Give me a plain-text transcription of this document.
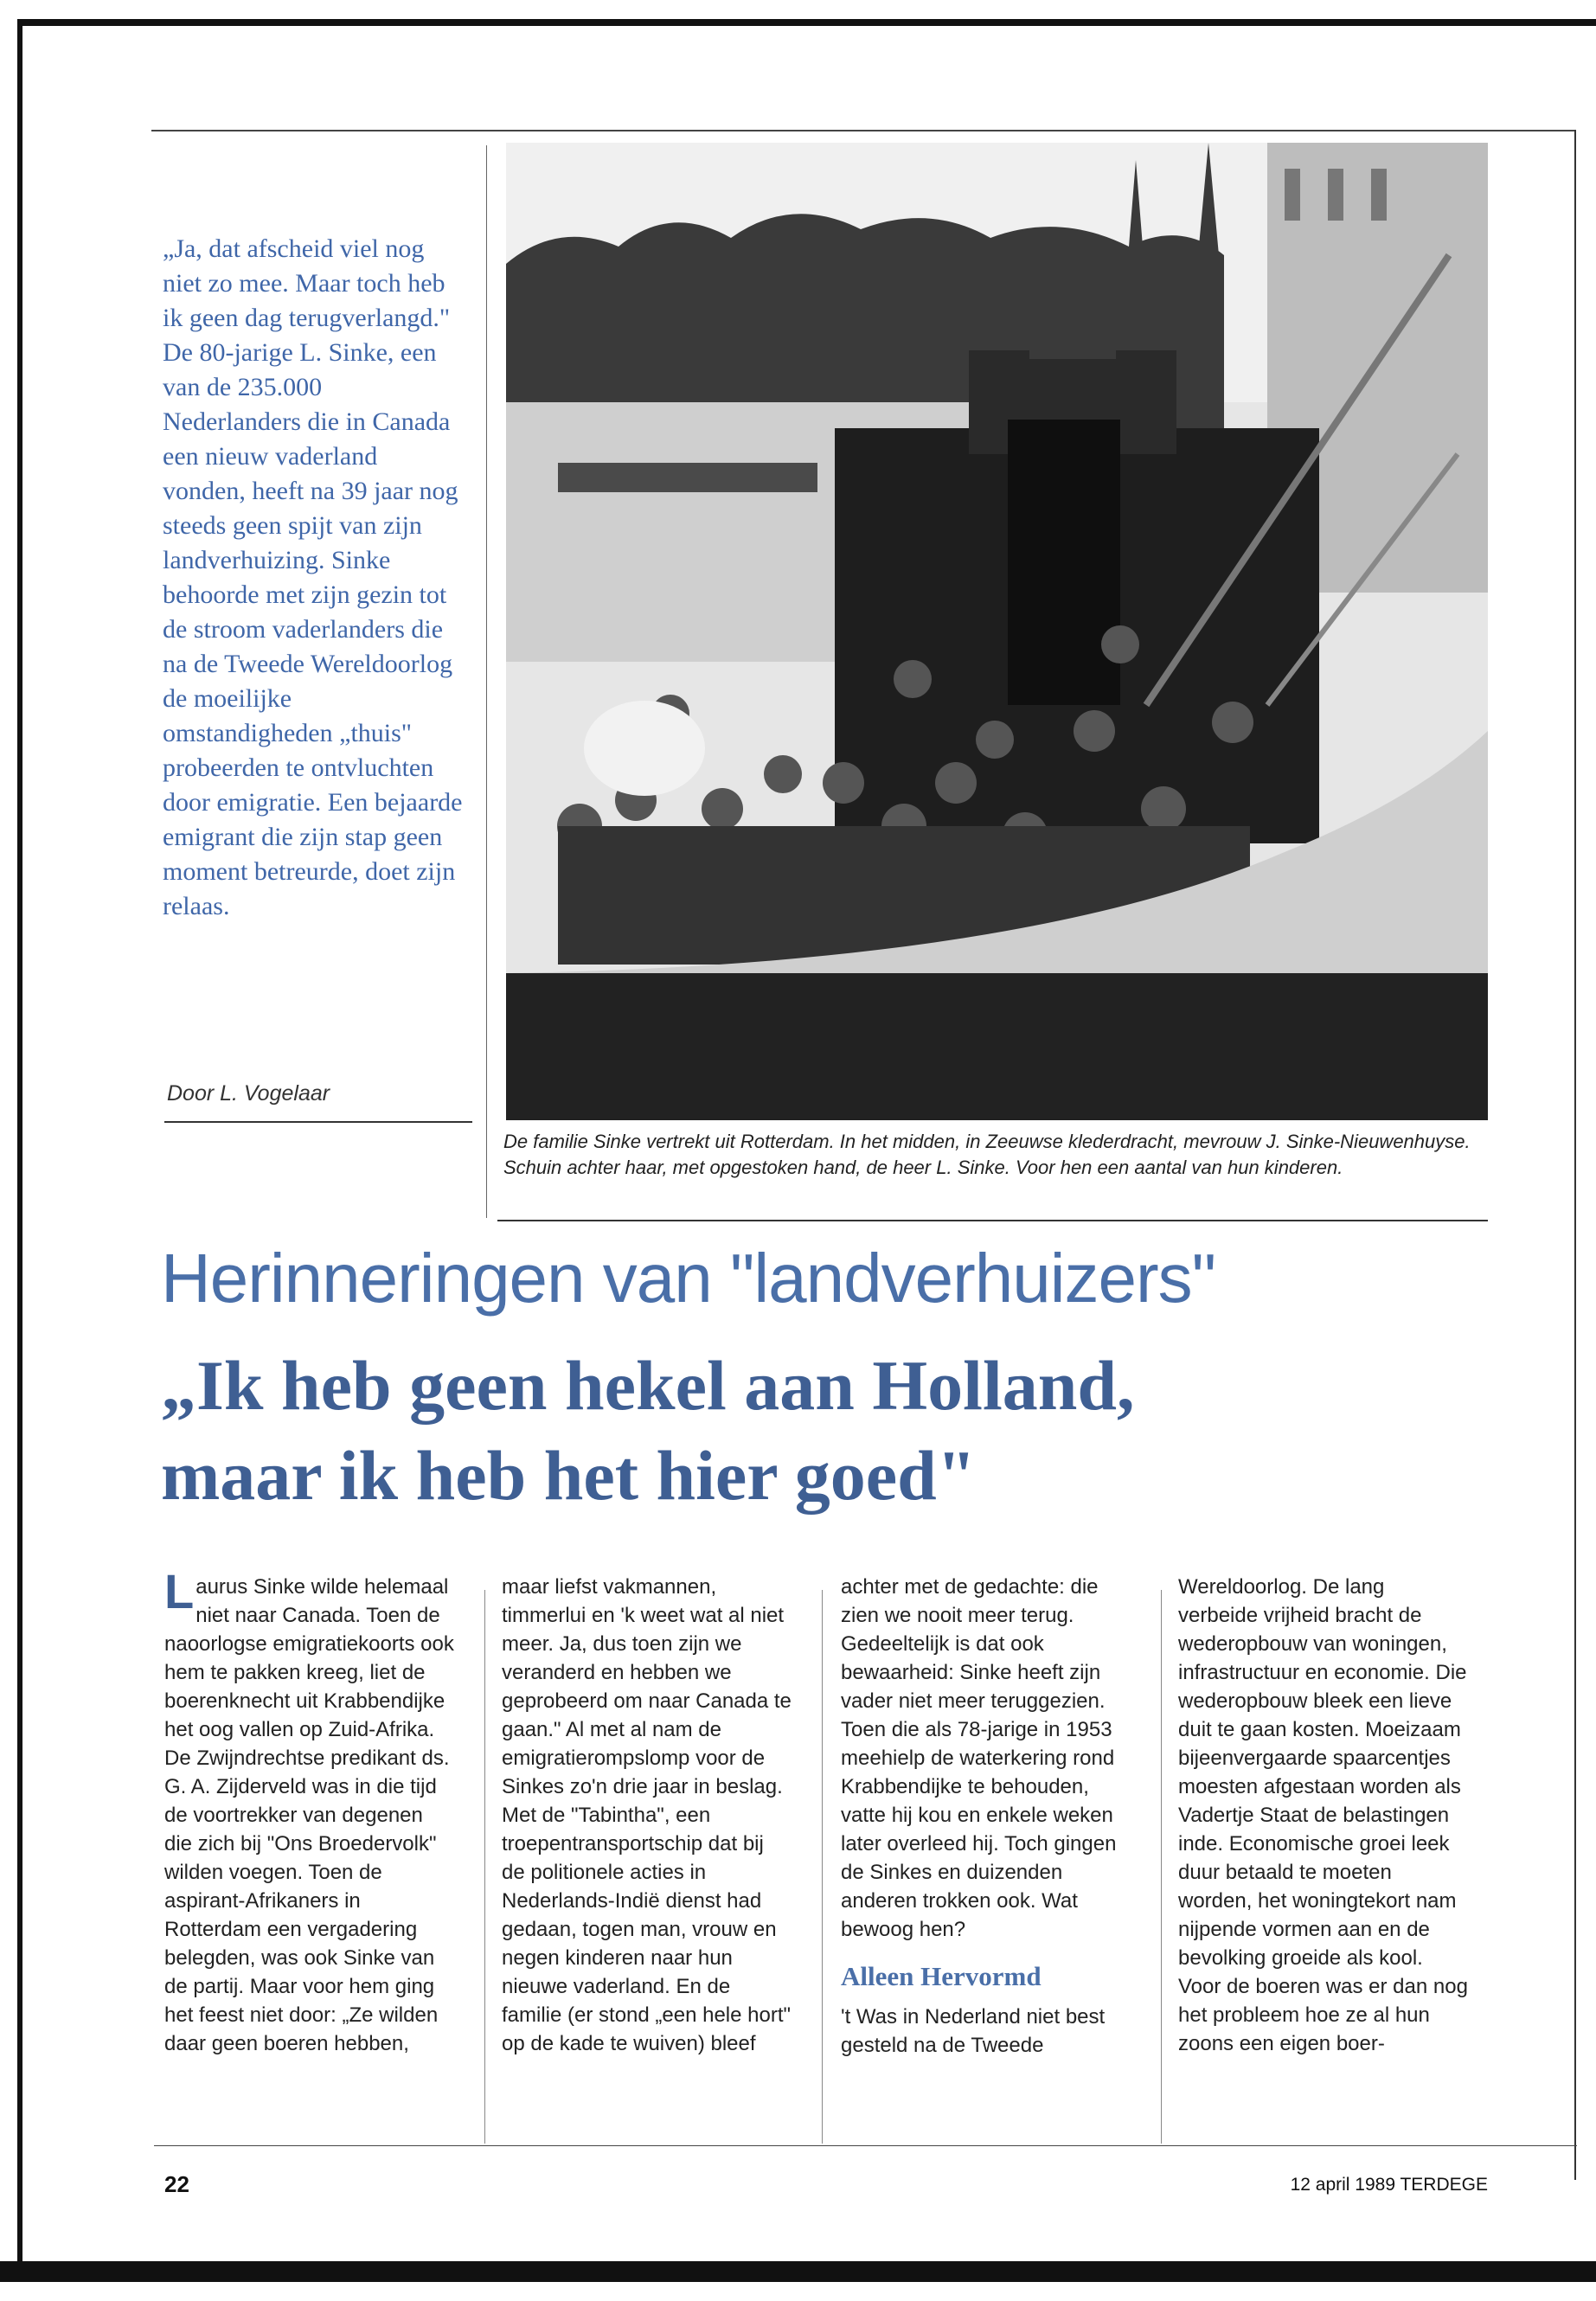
„Ja, dat afscheid viel nog niet zo mee. Maar toch heb ik geen dag terugverlangd." De 80-jarige L. Sinke, een van de 235.000 Nederlanders die in Canada een nieuw vaderland vonden, heeft na 39 jaar nog steeds geen spijt van zijn landverhuizing. Sinke behoorde met zijn gezin tot de stroom vaderlanders die na de Tweede Wereldoorlog de moeilijke omstandigheden „thuis" probeerden te ontvluchten door emigratie. Een bejaarde emigrant die zijn stap geen moment betreurde, doet zijn relaas.
Door L. Vogelaar
De familie Sinke vertrekt uit Rotterdam. In het midden, in Zeeuwse klederdracht, mevrouw J. Sinke-Nieuwenhuyse. Schuin achter haar, met opgestoken hand, de heer L. Sinke. Voor hen een aantal van hun kinderen.
Herinneringen van "landverhuizers"
„Ik heb geen hekel aan Holland,
maar ik heb het hier goed"
Laurus Sinke wilde helemaal niet naar Canada. Toen de naoorlogse emigratiekoorts ook hem te pakken kreeg, liet de boerenknecht uit Krabbendijke het oog vallen op Zuid-Afrika. De Zwijndrechtse predikant ds. G. A. Zijderveld was in die tijd de voortrekker van degenen die zich bij "Ons Broedervolk" wilden voegen. Toen de aspirant-Afrikaners in Rotterdam een vergadering belegden, was ook Sinke van de partij. Maar voor hem ging het feest niet door: „Ze wilden daar geen boeren hebben,
maar liefst vakmannen, timmerlui en 'k weet wat al niet meer. Ja, dus toen zijn we veranderd en hebben we geprobeerd om naar Canada te gaan." Al met al nam de emigratierompslomp voor de Sinkes zo'n drie jaar in beslag. Met de "Tabintha", een troepentransportschip dat bij de politionele acties in Nederlands-Indië dienst had gedaan, togen man, vrouw en negen kinderen naar hun nieuwe vaderland. En de familie (er stond „een hele hort" op de kade te wuiven) bleef
achter met de gedachte: die zien we nooit meer terug. Gedeeltelijk is dat ook bewaarheid: Sinke heeft zijn vader niet meer teruggezien. Toen die als 78-jarige in 1953 meehielp de waterkering rond Krabbendijke te behouden, vatte hij kou en enkele weken later overleed hij. Toch gingen de Sinkes en duizenden anderen trokken ook. Wat bewoog hen?
Alleen Hervormd
't Was in Nederland niet best gesteld na de Tweede
Wereldoorlog. De lang verbeide vrijheid bracht de wederopbouw van woningen, infrastructuur en economie. Die wederopbouw bleek een lieve duit te gaan kosten. Moeizaam bijeenvergaarde spaarcentjes moesten afgestaan worden als Vadertje Staat de belastingen inde. Economische groei leek duur betaald te moeten worden, het woningtekort nam nijpende vormen aan en de bevolking groeide als kool. Voor de boeren was er dan nog het probleem hoe ze al hun zoons een eigen boer-
22	12 april 1989 TERDEGE
